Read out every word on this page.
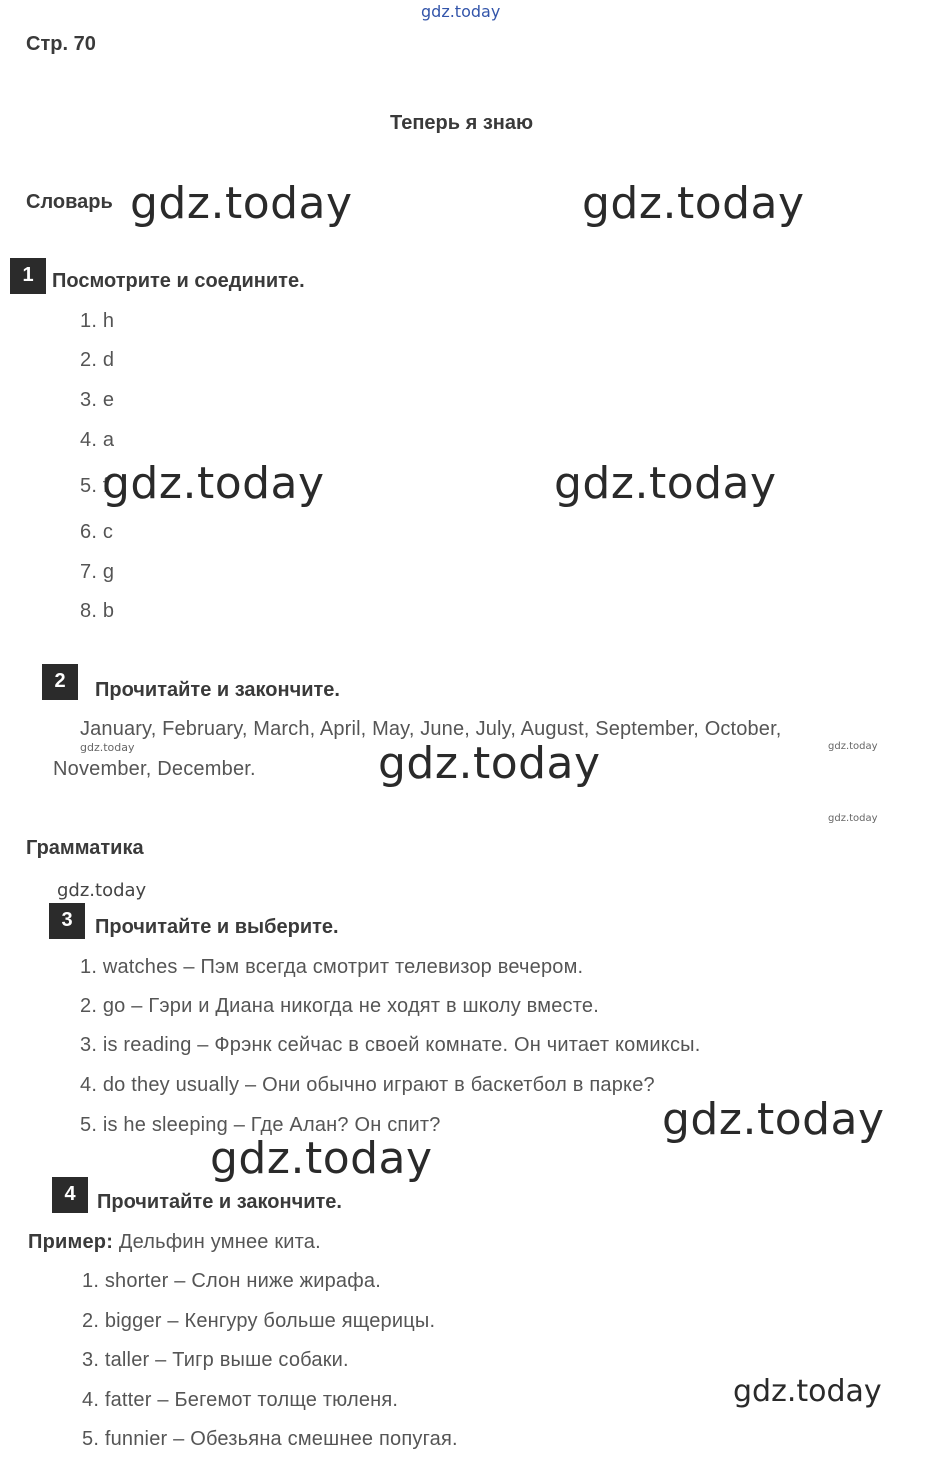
gdz.today
Стр. 70
Теперь я знаю
Словарь gdz.today	gdz.today
1 Посмотрите и соедините.
1. h
2. d
3. e
4. a
5. f
6. c
7. g
8. b
gdz.today	gdz.today
2	Прочитайте и закончите.
January, February, March, April, May, June, July, August, September, October,
gdz.today	gdz.today
November, December.	gdz.today
gdz.today
Грамматика
gdz.today
3	Прочитайте и выберите.
1. watches – Пэм всегда смотрит телевизор вечером.
2. go – Гэри и Диана никогда не ходят в школу вместе.
3. is reading – Фрэнк сейчас в своей комнате. Он читает комиксы.
4. do they usually – Они обычно играют в баскетбол в парке?
5. is he sleeping – Где Алан? Он спит?	gdz.today
gdz.today
4	Прочитайте и закончите.
Пример: Дельфин умнее кита.
1. shorter – Слон ниже жирафа.
2. bigger – Кенгуру больше ящерицы.
3. taller – Тигр выше собаки.
4. fatter – Бегемот толще тюленя.
5. funnier – Обезьяна смешнее попугая.
gdz.today
